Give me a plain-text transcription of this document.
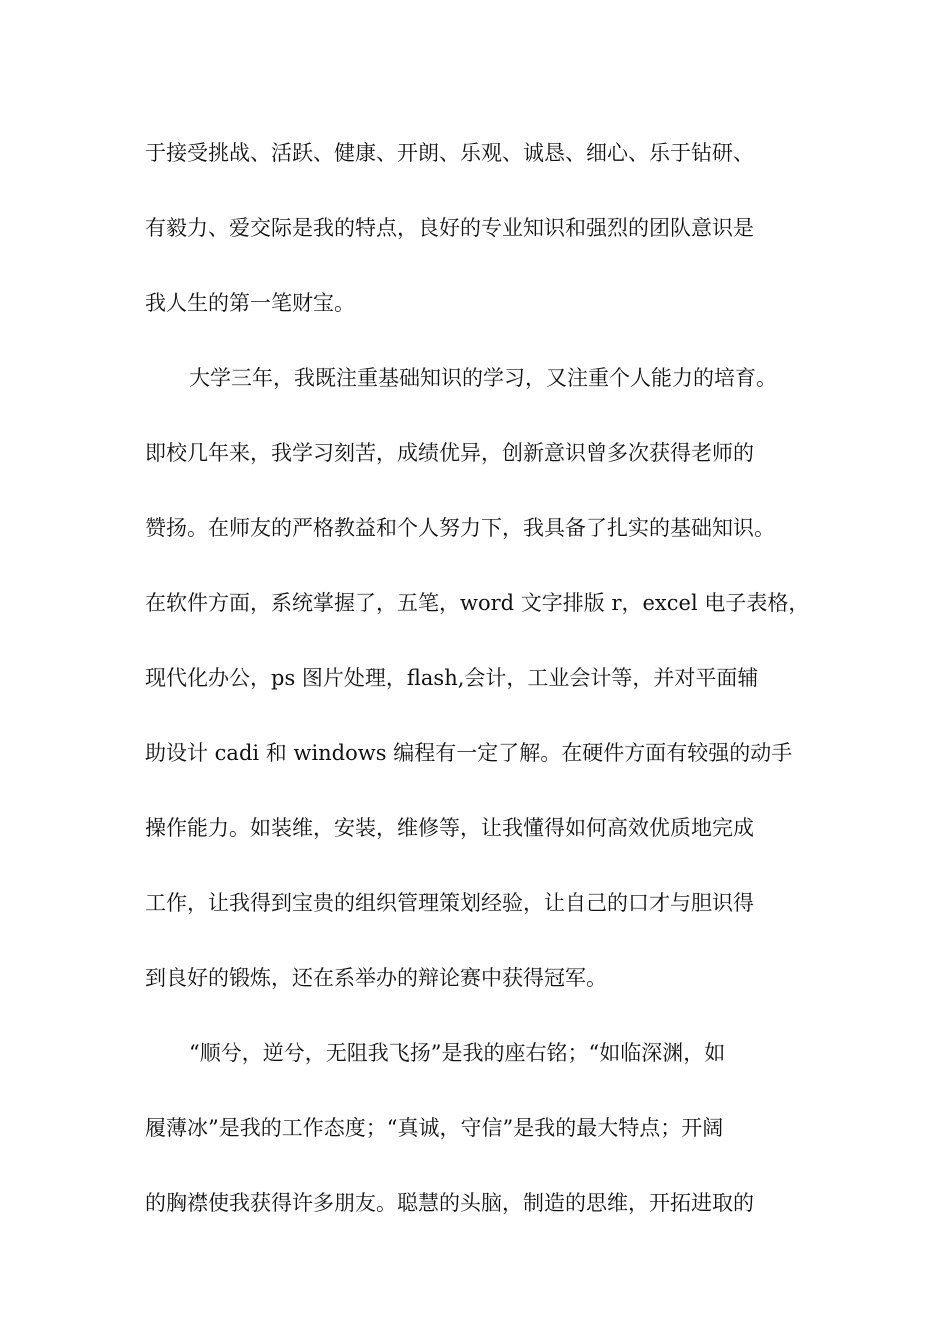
于接受挑战、活跃、健康、开朗、乐观、诚恳、细心、乐于钻研、
有毅力、爱交际是我的特点，良好的专业知识和强烈的团队意识是
我人生的第一笔财宝。
大学三年，我既注重基础知识的学习，又注重个人能力的培育。
即校几年来，我学习刻苦，成绩优异，创新意识曾多次获得老师的
赞扬。在师友的严格教益和个人努力下，我具备了扎实的基础知识。
在软件方面，系统掌握了，五笔，word 文字排版 r，excel 电子表格，
现代化办公，ps 图片处理，flash,会计，工业会计等，并对平面辅
助设计 cadi 和 windows 编程有一定了解。在硬件方面有较强的动手
操作能力。如装维，安装，维修等，让我懂得如何高效优质地完成
工作，让我得到宝贵的组织管理策划经验，让自己的口才与胆识得
到良好的锻炼，还在系举办的辩论赛中获得冠军。
“顺兮，逆兮，无阻我飞扬”是我的座右铭；“如临深渊，如
履薄冰”是我的工作态度；“真诚，守信”是我的最大特点；开阔
的胸襟使我获得许多朋友。聪慧的头脑，制造的思维，开拓进取的
